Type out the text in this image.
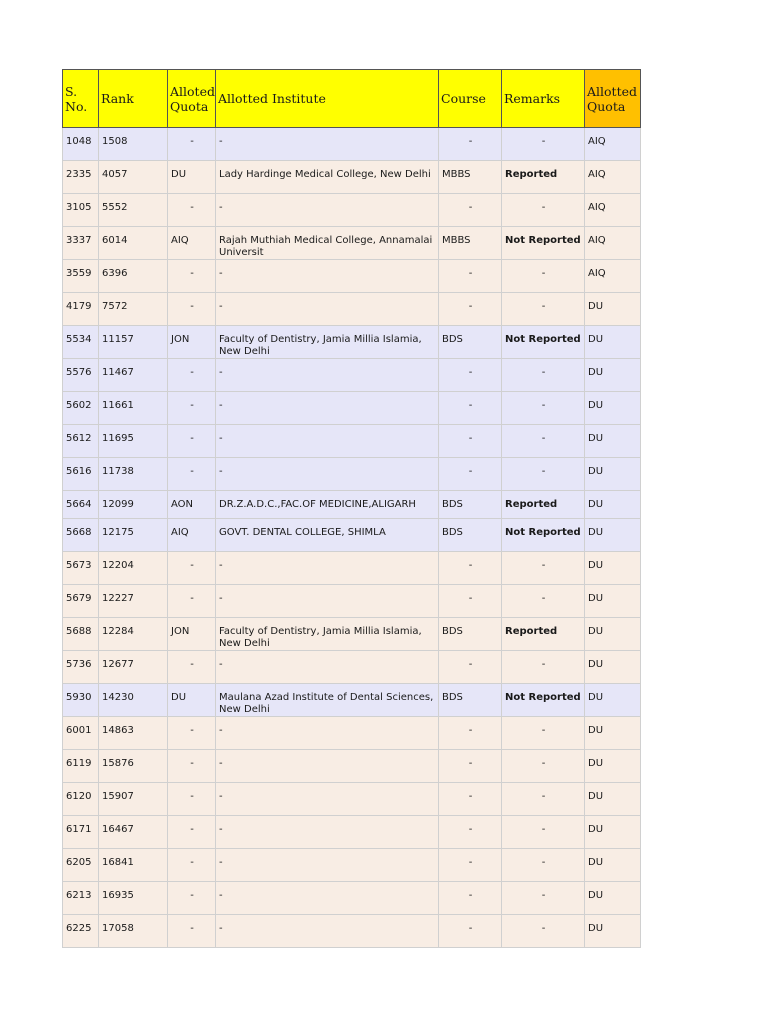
S. No.	Rank	Alloted Quota	Allotted Institute	Course	Remarks	Allotted Quota
1048	1508	-	-	-	-	AIQ
2335	4057	DU	Lady Hardinge Medical College, New Delhi	MBBS	Reported	AIQ
3105	5552	-	-	-	-	AIQ
3337	6014	AIQ	Rajah Muthiah Medical College, Annamalai Universit	MBBS	Not Reported	AIQ
3559	6396	-	-	-	-	AIQ
4179	7572	-	-	-	-	DU
5534	11157	JON	Faculty of Dentistry, Jamia Millia Islamia, New Delhi	BDS	Not Reported	DU
5576	11467	-	-	-	-	DU
5602	11661	-	-	-	-	DU
5612	11695	-	-	-	-	DU
5616	11738	-	-	-	-	DU
5664	12099	AON	DR.Z.A.D.C.,FAC.OF MEDICINE,ALIGARH	BDS	Reported	DU
5668	12175	AIQ	GOVT. DENTAL COLLEGE, SHIMLA	BDS	Not Reported	DU
5673	12204	-	-	-	-	DU
5679	12227	-	-	-	-	DU
5688	12284	JON	Faculty of Dentistry, Jamia Millia Islamia, New Delhi	BDS	Reported	DU
5736	12677	-	-	-	-	DU
5930	14230	DU	Maulana Azad Institute of Dental Sciences, New Delhi	BDS	Not Reported	DU
6001	14863	-	-	-	-	DU
6119	15876	-	-	-	-	DU
6120	15907	-	-	-	-	DU
6171	16467	-	-	-	-	DU
6205	16841	-	-	-	-	DU
6213	16935	-	-	-	-	DU
6225	17058	-	-	-	-	DU
